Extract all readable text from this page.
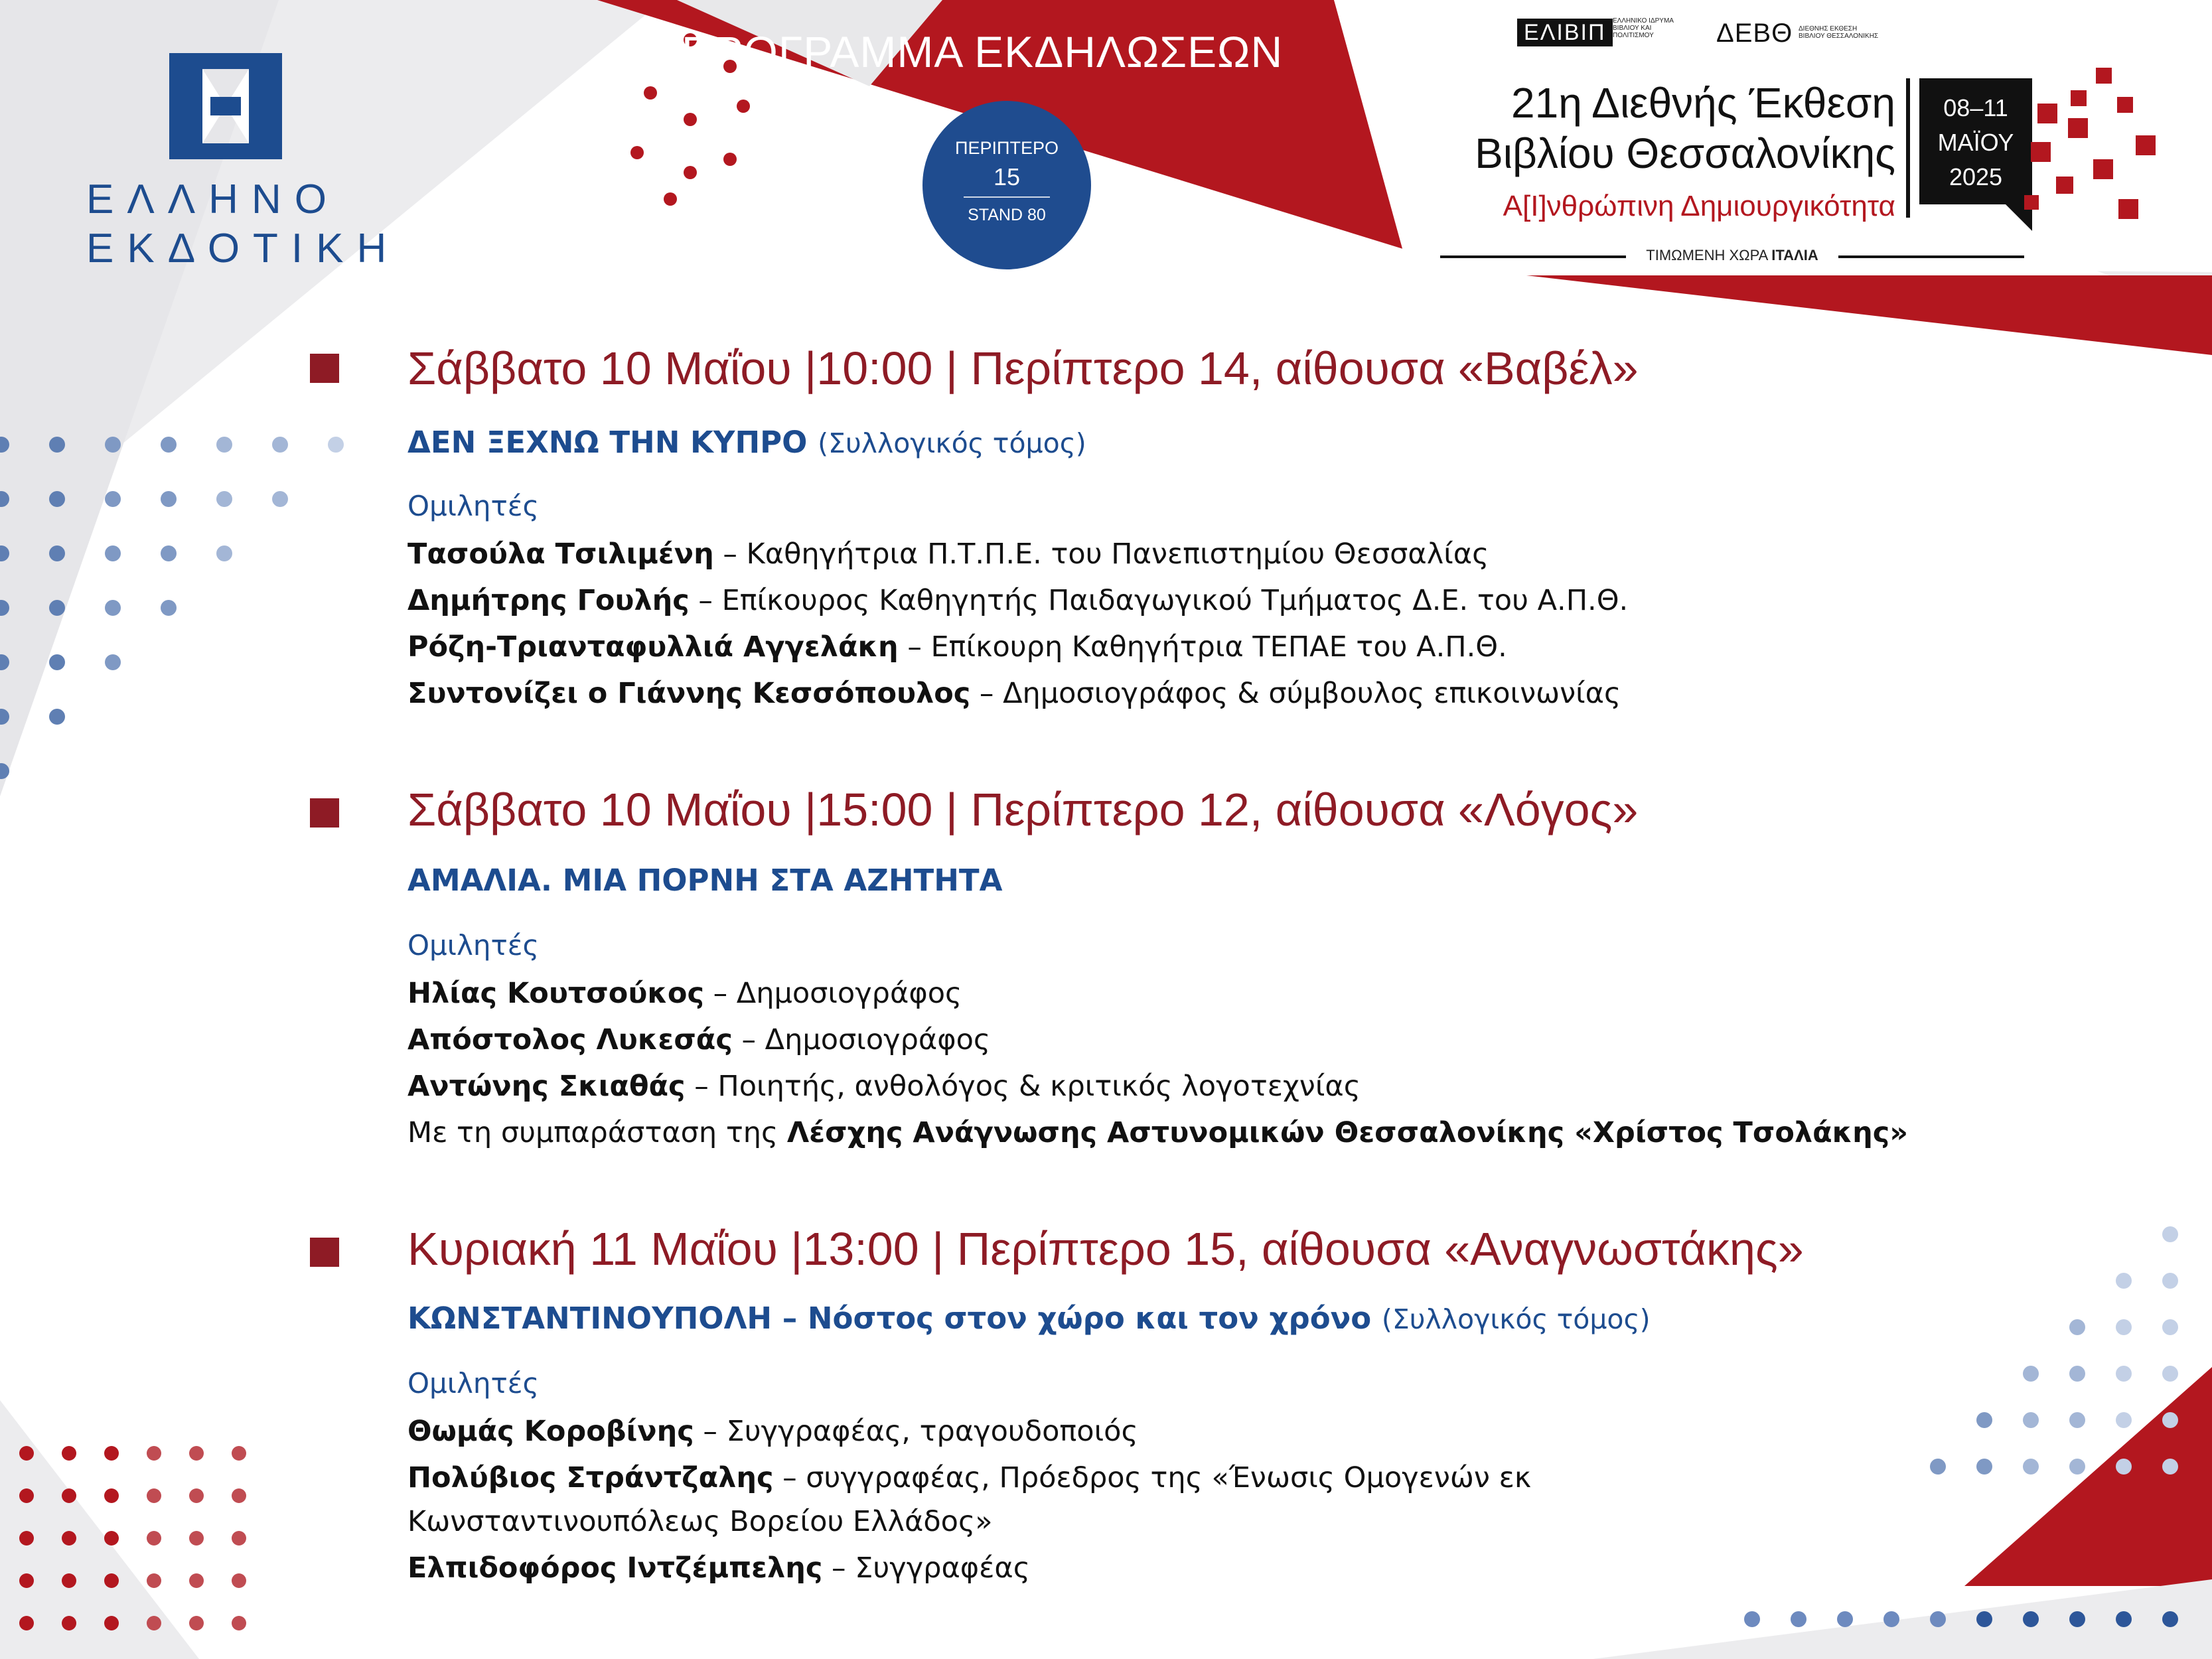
ΕΛΛΗΝΟ
ΕΚΔΟΤΙΚΗ
ΠΡΟΓΡΑΜΜΑ ΕΚΔΗΛΩΣΕΩΝ
ΠΕΡΙΠΤΕΡΟ
15
STAND 80
ΕΛΙΒΙΠ	ΕΛΛΗΝΙΚΟ ΙΔΡΥΜΑ ΒΙΒΛΙΟΥ ΚΑΙ ΠΟΛΙΤΙΣΜΟΥ	ΔΕΒΘ ΔΙΕΘΝΗΣ ΕΚΘΕΣΗ ΒΙΒΛΙΟΥ ΘΕΣΣΑΛΟΝΙΚΗΣ
21η Διεθνής Έκθεση
Βιβλίου Θεσσαλονίκης
Α[Ι]νθρώπινη Δημιουργικότητα
08–11
ΜΑΪΟΥ
2025
ΤΙΜΩΜΕΝΗ ΧΩΡΑ ΙΤΑΛΙΑ
Σάββατο 10 Μαΐου |10:00 | Περίπτερο 14, αίθουσα «Βαβέλ»
ΔΕΝ ΞΕΧΝΩ ΤΗΝ ΚΥΠΡΟ (Συλλογικός τόμος)
Ομιλητές
Τασούλα Τσιλιμένη – Καθηγήτρια Π.Τ.Π.Ε. του Πανεπιστημίου Θεσσαλίας
Δημήτρης Γουλής – Επίκουρος Καθηγητής Παιδαγωγικού Τμήματος Δ.Ε. του Α.Π.Θ.
Ρόζη-Τριανταφυλλιά Αγγελάκη – Επίκουρη Καθηγήτρια ΤΕΠΑΕ του Α.Π.Θ.
Συντονίζει ο Γιάννης Κεσσόπουλος – Δημοσιογράφος & σύμβουλος επικοινωνίας
Σάββατο 10 Μαΐου |15:00 | Περίπτερο 12, αίθουσα «Λόγος»
ΑΜΑΛΙΑ. ΜΙΑ ΠΟΡΝΗ ΣΤΑ ΑΖΗΤΗΤΑ
Ομιλητές
Ηλίας Κουτσούκος – Δημοσιογράφος
Απόστολος Λυκεσάς – Δημοσιογράφος
Αντώνης Σκιαθάς – Ποιητής, ανθολόγος & κριτικός λογοτεχνίας
Με τη συμπαράσταση της Λέσχης Ανάγνωσης Αστυνομικών Θεσσαλονίκης «Χρίστος Τσολάκης»
Κυριακή 11 Μαΐου |13:00 | Περίπτερο 15, αίθουσα «Αναγνωστάκης»
ΚΩΝΣΤΑΝΤΙΝΟΥΠΟΛΗ – Νόστος στον χώρο και τον χρόνο (Συλλογικός τόμος)
Ομιλητές
Θωμάς Κοροβίνης – Συγγραφέας, τραγουδοποιός
Πολύβιος Στράντζαλης – συγγραφέας, Πρόεδρος της «Ένωσις Ομογενών εκ
Κωνσταντινουπόλεως Βορείου Ελλάδος»
Ελπιδοφόρος Ιντζέμπελης – Συγγραφέας
